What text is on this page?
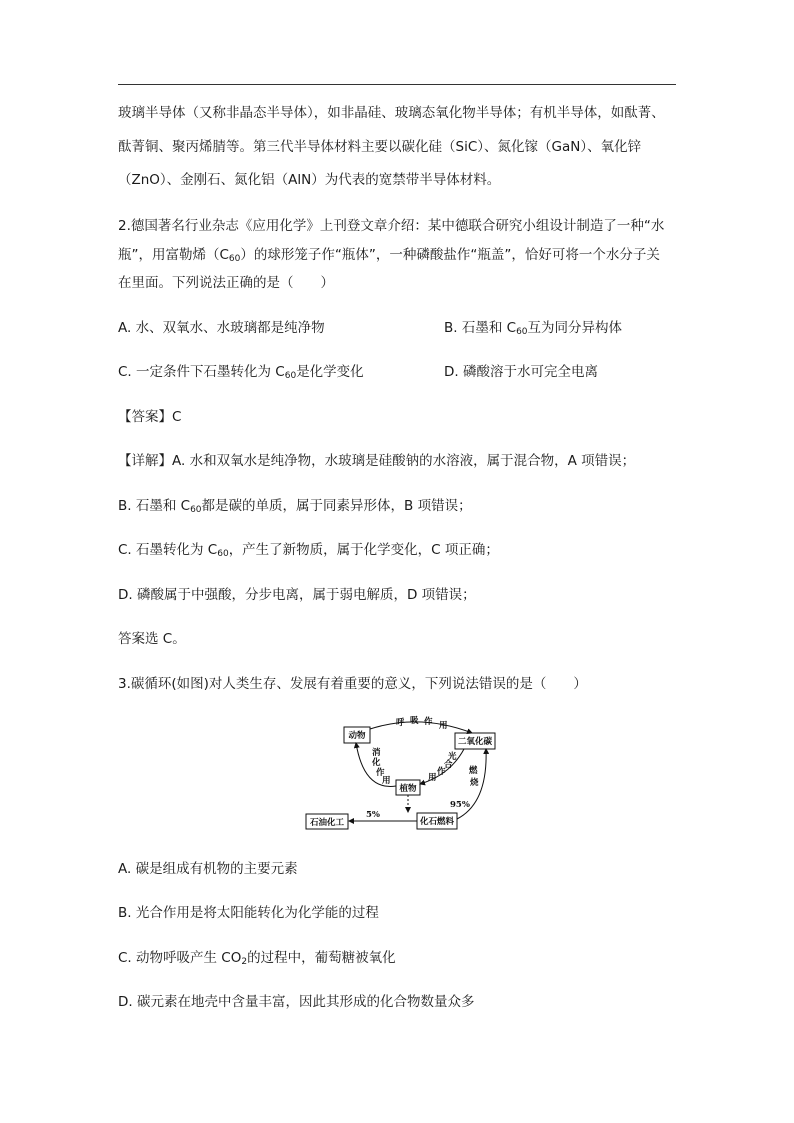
玻璃半导体（又称非晶态半导体），如非晶硅、玻璃态氧化物半导体；有机半导体，如酞菁、
酞菁铜、聚丙烯腈等。第三代半导体材料主要以碳化硅（SiC）、氮化镓（GaN）、氧化锌
（ZnO）、金刚石、氮化铝（AlN）为代表的宽禁带半导体材料。
2.德国著名行业杂志《应用化学》上刊登文章介绍：某中德联合研究小组设计制造了一种“水
瓶”，用富勒烯$(C_{60})$的球形笼子作“瓶体”，一种磷酸盐作“瓶盖”，恰好可将一个水分子关
在里面。下列说法正确的是（　　）
A. 水、双氧水、水玻璃都是纯净物	B. 石墨和 $C_{60}$互为同分异构体
C. 一定条件下石墨转化为 $C_{60}$是化学变化	D. 磷酸溶于水可完全电离
【答案】C
【详解】A. 水和双氧水是纯净物，水玻璃是硅酸钠的水溶液，属于混合物，A 项错误；
B. 石墨和 $C_{60}$都是碳的单质，属于同素异形体，B 项错误；
C. 石墨转化为 $C_{60}$，产生了新物质，属于化学变化，C 项正确；
D. 磷酸属于中强酸，分步电离，属于弱电解质，D 项错误；
答案选 C。
3.碳循环(如图)对人类生存、发展有着重要的意义，下列说法错误的是（　　）
动物
二氧化碳
植物
化石燃料
石油化工
呼 吸 作 用
消
化
作
用
光
合
作
用
燃
烧
95%
5%
A. 碳是组成有机物的主要元素
B. 光合作用是将太阳能转化为化学能的过程
C. 动物呼吸产生 $CO_2$的过程中，葡萄糖被氧化
D. 碳元素在地壳中含量丰富，因此其形成的化合物数量众多
